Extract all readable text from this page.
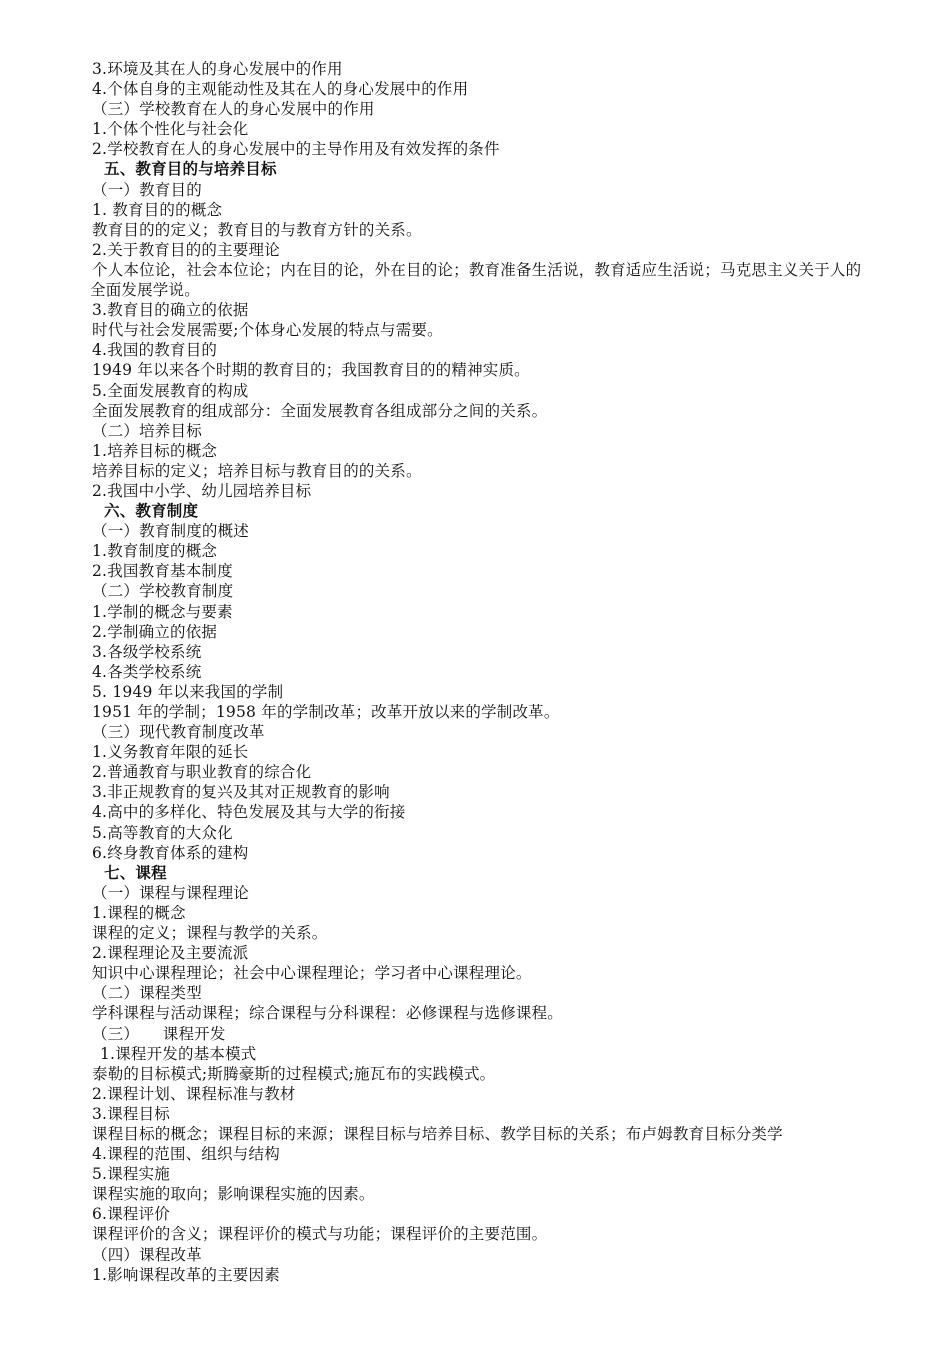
3.环境及其在人的身心发展中的作用
4.个体自身的主观能动性及其在人的身心发展中的作用
（三）学校教育在人的身心发展中的作用
1.个体个性化与社会化
2.学校教育在人的身心发展中的主导作用及有效发挥的条件
五、教育目的与培养目标
（一）教育目的
1. 教育目的的概念
教育目的的定义；教育目的与教育方针的关系。
2.关于教育目的的主要理论
个人本位论，社会本位论；内在目的论，外在目的论；教育准备生活说，教育适应生活说；马克思主义关于人的全面发展学说。
3.教育目的确立的依据
时代与社会发展需要;个体身心发展的特点与需要。
4.我国的教育目的
1949 年以来各个时期的教育目的；我国教育目的的精神实质。
5.全面发展教育的构成
全面发展教育的组成部分：全面发展教育各组成部分之间的关系。
（二）培养目标
1.培养目标的概念
培养目标的定义；培养目标与教育目的的关系。
2.我国中小学、幼儿园培养目标
六、教育制度
（一）教育制度的概述
1.教育制度的概念
2.我国教育基本制度
（二）学校教育制度
1.学制的概念与要素
2.学制确立的依据
3.各级学校系统
4.各类学校系统
5. 1949 年以来我国的学制
1951 年的学制；1958 年的学制改革；改革开放以来的学制改革。
（三）现代教育制度改革
1.义务教育年限的延长
2.普通教育与职业教育的综合化
3.非正规教育的复兴及其对正规教育的影响
4.高中的多样化、特色发展及其与大学的衔接
5.高等教育的大众化
6.终身教育体系的建构
七、课程
（一）课程与课程理论
1.课程的概念
课程的定义；课程与教学的关系。
2.课程理论及主要流派
知识中心课程理论；社会中心课程理论；学习者中心课程理论。
（二）课程类型
学科课程与活动课程；综合课程与分科课程：必修课程与选修课程。
（三）　　课程开发
1.课程开发的基本模式
泰勒的目标模式;斯腾豪斯的过程模式;施瓦布的实践模式。
2.课程计划、课程标准与教材
3.课程目标
课程目标的概念；课程目标的来源；课程目标与培养目标、教学目标的关系；布卢姆教育目标分类学
4.课程的范围、组织与结构
5.课程实施
课程实施的取向；影响课程实施的因素。
6.课程评价
课程评价的含义；课程评价的模式与功能；课程评价的主要范围。
（四）课程改革
1.影响课程改革的主要因素
